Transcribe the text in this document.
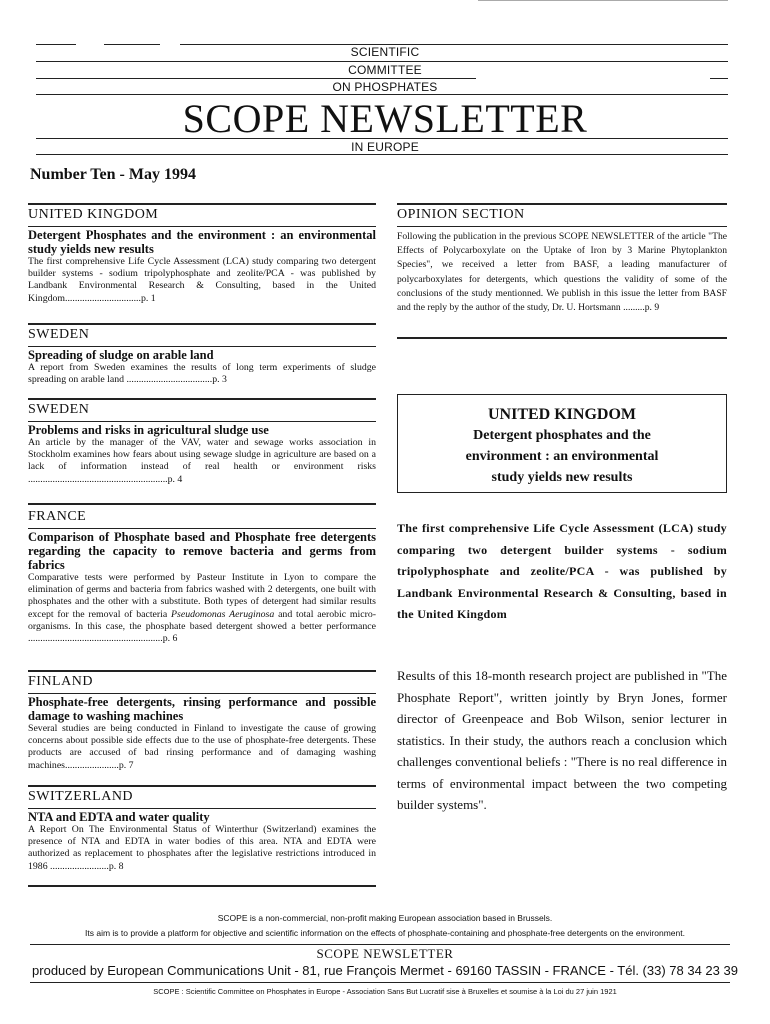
SCIENTIFIC
COMMITTEE
ON PHOSPHATES
SCOPE NEWSLETTER
IN EUROPE
Number Ten - May 1994
UNITED KINGDOM
Detergent Phosphates and the environment : an environmental study yields new results
The first comprehensive Life Cycle Assessment (LCA) study comparing two detergent builder systems - sodium tripolyphosphate and zeolite/PCA - was published by Landbank Environmental Research & Consulting, based in the United Kingdom...............................p. 1
SWEDEN
Spreading of sludge on arable land
A report from Sweden examines the results of long term experiments of sludge spreading on arable land ...................................p. 3
SWEDEN
Problems and risks in agricultural sludge use
An article by the manager of the VAV, water and sewage works association in Stockholm examines how fears about using sewage sludge in agriculture are based on a lack of information instead of real health or environment risks .........................................................p. 4
FRANCE
Comparison of Phosphate based and Phosphate free detergents regarding the capacity to remove bacteria and germs from fabrics
Comparative tests were performed by Pasteur Institute in Lyon to compare the elimination of germs and bacteria from fabrics washed with 2 detergents, one built with phosphates and the other with a substitute. Both types of detergent had similar results except for the removal of bacteria Pseudomonas Aeruginosa and total aerobic micro-organisms. In this case, the phosphate based detergent showed a better performance .......................................................p. 6
FINLAND
Phosphate-free detergents, rinsing performance and possible damage to washing machines
Several studies are being conducted in Finland to investigate the cause of growing concerns about possible side effects due to the use of phosphate-free detergents. These products are accused of bad rinsing performance and of damaging washing machines......................p. 7
SWITZERLAND
NTA and EDTA and water quality
A Report On The Environmental Status of Winterthur (Switzerland) examines the presence of NTA and EDTA in water bodies of this area. NTA and EDTA were authorized as replacement to phosphates after the legislative restrictions introduced in 1986 ........................p. 8
OPINION SECTION
Following the publication in the previous SCOPE NEWSLETTER of the article "The Effects of Polycarboxylate on the Uptake of Iron by 3 Marine Phytoplankton Species", we received a letter from BASF, a leading manufacturer of polycarboxylates for detergents, which questions the validity of some of the conclusions of the study mentionned. We publish in this issue the letter from BASF and the reply by the author of the study, Dr. U. Hortsmann .........p. 9
UNITED KINGDOM
Detergent phosphates and the
environment : an environmental
study yields new results
The first comprehensive Life Cycle Assessment (LCA) study comparing two detergent builder systems - sodium tripolyphosphate and zeolite/PCA - was published by Landbank Environmental Research & Consulting, based in the United Kingdom
Results of this 18-month research project are published in "The Phosphate Report", written jointly by Bryn Jones, former director of Greenpeace and Bob Wilson, senior lecturer in statistics. In their study, the authors reach a conclusion which challenges conventional beliefs : "There is no real difference in terms of environmental impact between the two competing builder systems".
SCOPE is a non-commercial, non-profit making European association based in Brussels.
Its aim is to provide a platform for objective and scientific information on the effects of phosphate-containing and phosphate-free detergents on the environment.
SCOPE NEWSLETTER
produced by European Communications Unit - 81, rue François Mermet - 69160 TASSIN - FRANCE - Tél. (33) 78 34 23 39
SCOPE : Scientific Committee on Phosphates in Europe - Association Sans But Lucratif sise à Bruxelles et soumise à la Loi du 27 juin 1921
